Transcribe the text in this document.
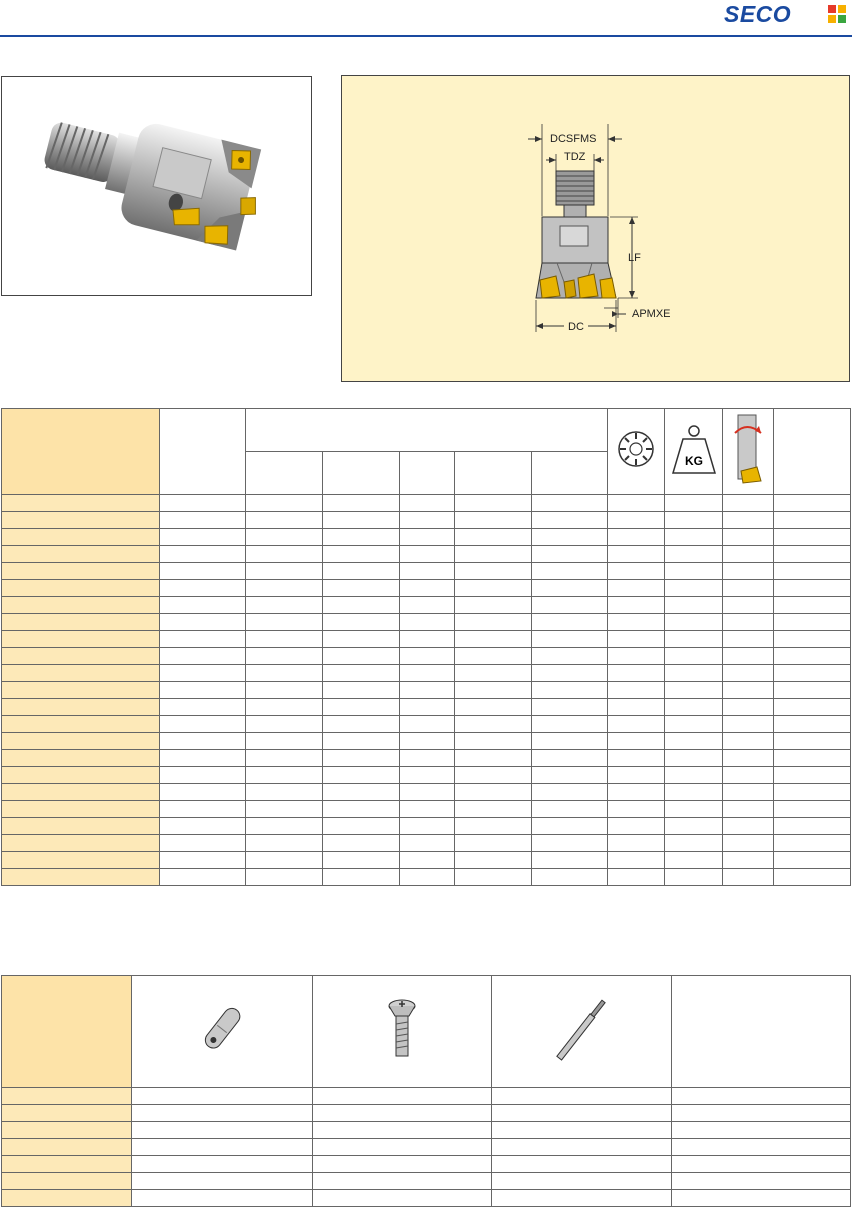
SECO
DCSFMS
TDZ
LF
APMXE
DC

KG
